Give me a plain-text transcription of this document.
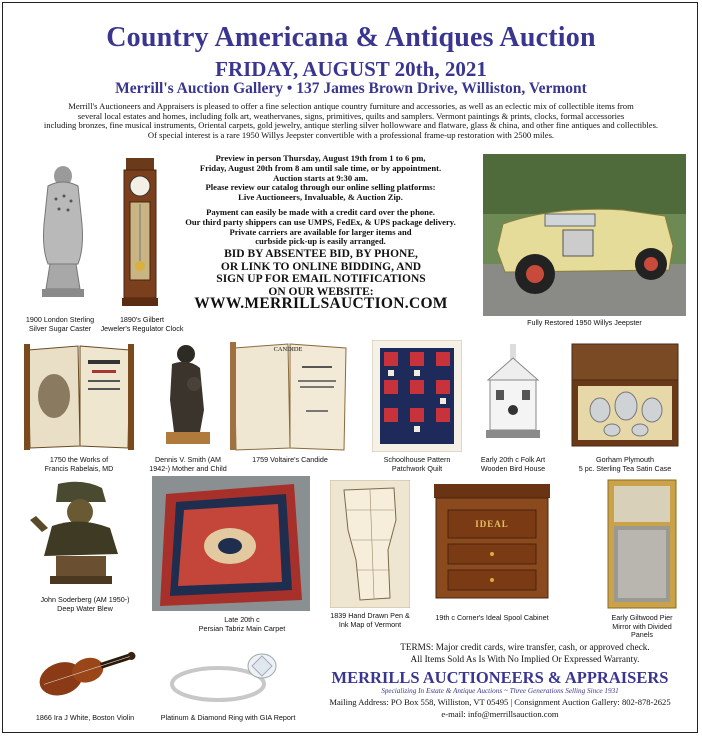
Country Americana & Antiques Auction
FRIDAY, AUGUST 20th, 2021
Merrill's Auction Gallery • 137 James Brown Drive, Williston, Vermont
Merrill's Auctioneers and Appraisers is pleased to offer a fine selection antique country furniture and accessories, as well as an eclectic mix of collectible items from
several local estates and homes, including folk art, weathervanes, signs, primitives, quilts and samplers. Vermont paintings & prints, clocks, formal accessories
including bronzes, fine musical instruments, Oriental carpets, gold jewelry, antique sterling silver hollowware and flatware, glass & china, and other fine antiques and collectibles.
Of special interest is a rare 1950 Willys Jeepster convertible with a professional frame-up restoration with 2500 miles.
1900 London Sterling
Silver Sugar Caster
1890's Gilbert
Jeweler's Regulator Clock
Fully Restored 1950 Willys Jeepster
Preview in person Thursday, August 19th from 1 to 6 pm,
Friday, August 20th from 8 am until sale time, or by appointment.
Auction starts at 9:30 am.
Please review our catalog through our online selling platforms:
Live Auctioneers, Invaluable, & Auction Zip.
Payment can easily be made with a credit card over the phone.
Our third party shippers can use UMPS, FedEx, & UPS package delivery.
Private carriers are available for larger items and
curbside pick-up is easily arranged.
BID BY ABSENTEE BID, BY PHONE,
OR LINK TO ONLINE BIDDING, AND
SIGN UP FOR EMAIL NOTIFICATIONS
ON OUR WEBSITE:
WWW.MERRILLSAUCTION.COM
CANDIDE
1750 the Works of
Francis Rabelais, MD
Dennis V. Smith (AM
1942-) Mother and Child
1759 Voltaire's Candide	Schoolhouse Pattern
Patchwork Quilt
Early 20th c Folk Art
Wooden Bird House
Gorham Plymouth
5 pc. Sterling Tea Satin Case
IDEAL
John Soderberg (AM 1950-)
Deep Water Blew
Late 20th c
Persian Tabriz Main Carpet
1839 Hand Drawn Pen &
Ink Map of Vermont
19th c Corner's Ideal Spool Cabinet	Early Giltwood Pier
Mirror with Divided
Panels
1866 Ira J White, Boston Violin	Platinum & Diamond Ring with GIA Report
TERMS: Major credit cards, wire transfer, cash, or approved check.
All Items Sold As Is With No Implied Or Expressed Warranty.
MERRILLS AUCTIONEERS & APPRAISERS
Specializing In Estate & Antique Auctions ~ Three Generations Selling Since 1931
Mailing Address: PO Box 558, Williston, VT 05495 | Consignment Auction Gallery: 802-878-2625
e-mail: info@merrillsauction.com
